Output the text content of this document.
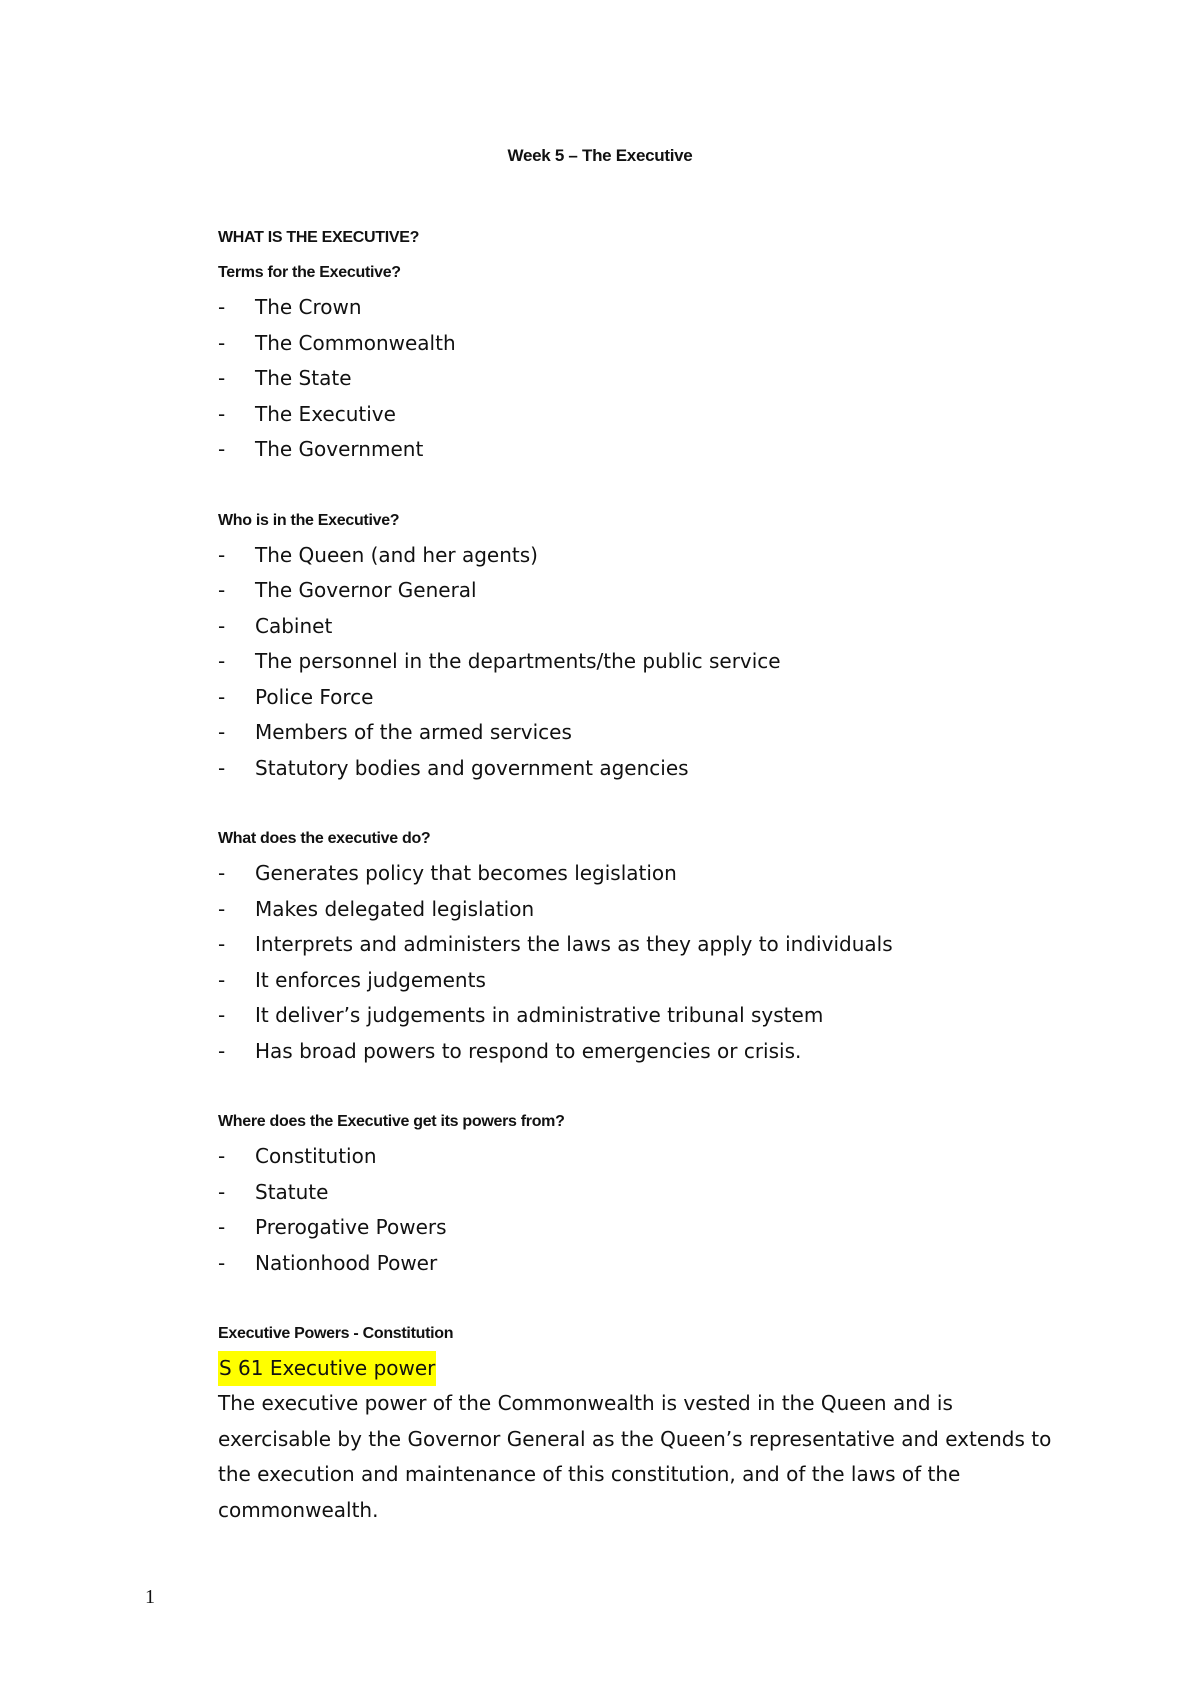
Week 5 – The Executive
WHAT IS THE EXECUTIVE?
Terms for the Executive?
- The Crown
- The Commonwealth
- The State
- The Executive
- The Government
Who is in the Executive?
- The Queen (and her agents)
- The Governor General
- Cabinet
- The personnel in the departments/the public service
- Police Force
- Members of the armed services
- Statutory bodies and government agencies
What does the executive do?
- Generates policy that becomes legislation
- Makes delegated legislation
- Interprets and administers the laws as they apply to individuals
- It enforces judgements
- It deliver’s judgements in administrative tribunal system
- Has broad powers to respond to emergencies or crisis.
Where does the Executive get its powers from?
- Constitution
- Statute
- Prerogative Powers
- Nationhood Power
Executive Powers - Constitution
S 61 Executive power

The executive power of the Commonwealth is vested in the Queen and is exercisable by the Governor General as the Queen’s representative and extends to the execution and maintenance of this constitution, and of the laws of the commonwealth.

1
